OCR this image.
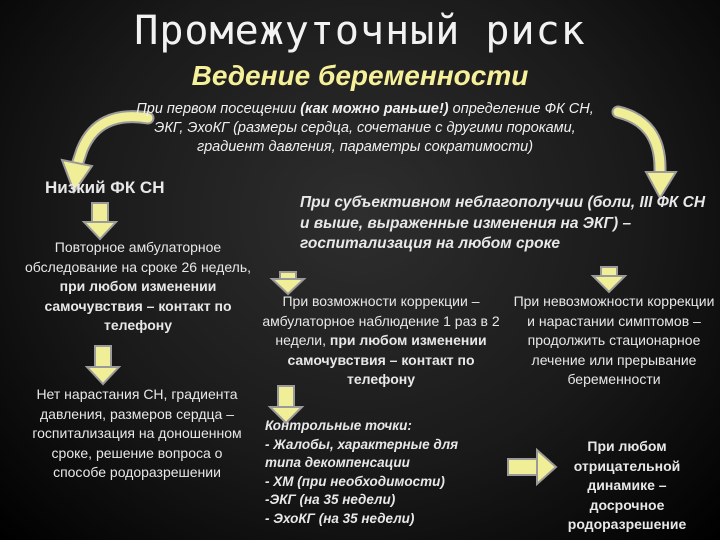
Промежуточный риск
Ведение беременности
При первом посещении (как можно раньше!) определение ФК СН, ЭКГ, ЭхоКГ (размеры сердца, сочетание с другими пороками, градиент давления, параметры сократимости)
Низкий ФК СН
Повторное амбулаторное обследование на сроке 26 недель, при любом изменении самочувствия – контакт по телефону
Нет нарастания СН, градиента давления, размеров сердца – госпитализация на доношенном сроке, решение вопроса о способе родоразрешении
При субъективном неблагополучии (боли, III ФК СН и выше, выраженные изменения на ЭКГ) – госпитализация на любом сроке
При возможности коррекции – амбулаторное наблюдение 1 раз в 2 недели, при любом изменении самочувствия – контакт по телефону
При невозможности коррекции и нарастании симптомов – продолжить стационарное лечение или прерывание беременности
Контрольные точки:
- Жалобы, характерные для
типа декомпенсации
- ХМ (при необходимости)
-ЭКГ (на 35 недели)
- ЭхоКГ (на 35 недели)
При любом отрицательной динамике – досрочное родоразрешение
